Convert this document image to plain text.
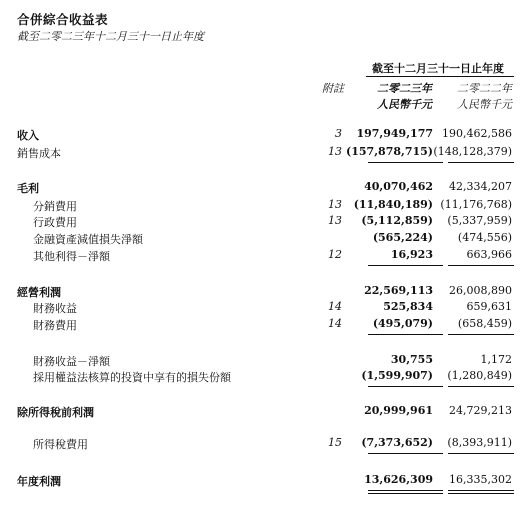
合併綜合收益表
截至二零二三年十二月三十一日止年度
截至十二月三十一日止年度
附註	二零二三年 二零二二年
人民幣千元 人民幣千元
收入	3 197,949,177 190,462,586
銷售成本	13 (157,878,715) (148,128,379)
毛利	40,070,462 42,334,207
分銷費用	13 (11,840,189) (11,176,768)
行政費用	13 (5,112,859) (5,337,959)
金融資產減值損失淨額	(565,224) (474,556)
其他利得－淨額	12	16,923	663,966
經營利潤	22,569,113 26,008,890
財務收益	14	525,834	659,631
財務費用	14	(495,079) (658,459)
財務收益－淨額	30,755	1,172
採用權益法核算的投資中享有的損失份額	(1,599,907) (1,280,849)
除所得稅前利潤	20,999,961 24,729,213
所得稅費用	15 (7,373,652) (8,393,911)
年度利潤	13,626,309 16,335,302
